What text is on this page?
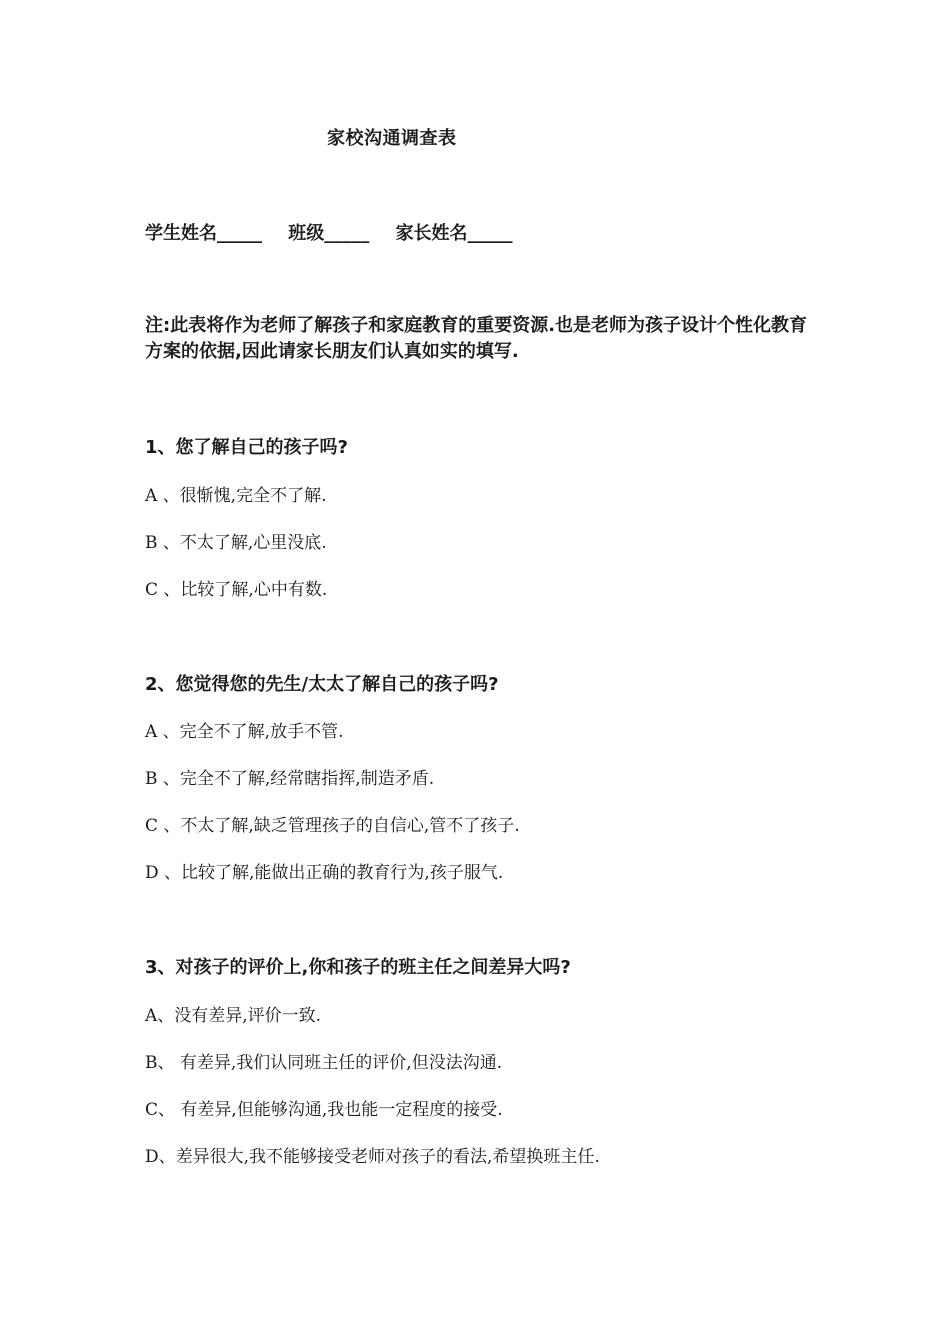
家校沟通调查表
学生姓名_____ 班级_____ 家长姓名_____
注:此表将作为老师了解孩子和家庭教育的重要资源.也是老师为孩子设计个性化教育方案的依据,因此请家长朋友们认真如实的填写.
1、您了解自己的孩子吗?
A 、很惭愧,完全不了解.
B 、不太了解,心里没底.
C 、比较了解,心中有数.
2、您觉得您的先生/太太了解自己的孩子吗?
A 、完全不了解,放手不管.
B 、完全不了解,经常瞎指挥,制造矛盾.
C 、不太了解,缺乏管理孩子的自信心,管不了孩子.
D 、比较了解,能做出正确的教育行为,孩子服气.
3、对孩子的评价上,你和孩子的班主任之间差异大吗?
A、没有差异,评价一致.
B、 有差异,我们认同班主任的评价,但没法沟通.
C、 有差异,但能够沟通,我也能一定程度的接受.
D、差异很大,我不能够接受老师对孩子的看法,希望换班主任.
